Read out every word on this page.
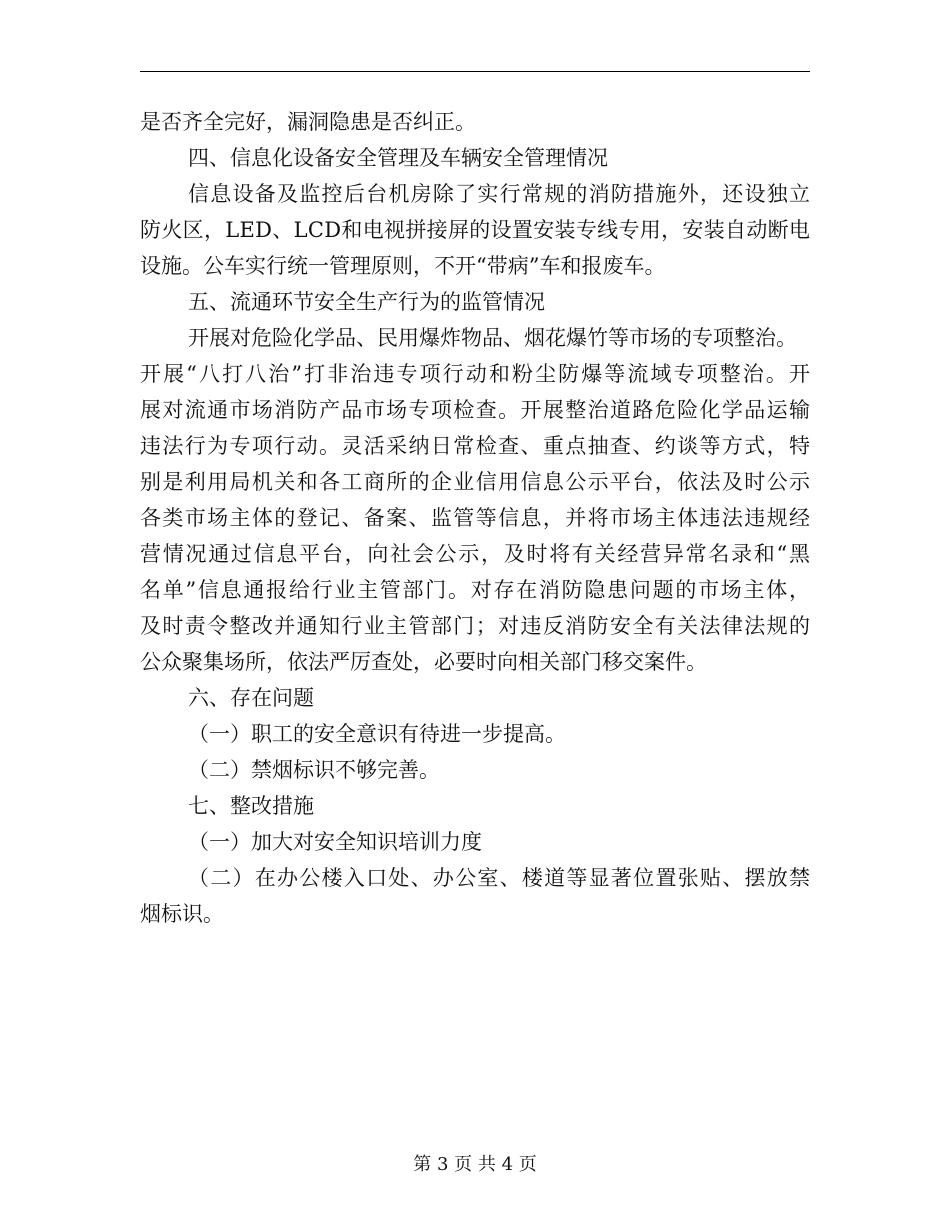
是否齐全完好，漏洞隐患是否纠正。
四、信息化设备安全管理及车辆安全管理情况
信息设备及监控后台机房除了实行常规的消防措施外，还设独立
防火区，LED、LCD和电视拼接屏的设置安装专线专用，安装自动断电
设施。公车实行统一管理原则，不开“带病”车和报废车。
五、流通环节安全生产行为的监管情况
开展对危险化学品、民用爆炸物品、烟花爆竹等市场的专项整治。
开展“八打八治”打非治违专项行动和粉尘防爆等流域专项整治。开
展对流通市场消防产品市场专项检查。开展整治道路危险化学品运输
违法行为专项行动。灵活采纳日常检查、重点抽查、约谈等方式，特
别是利用局机关和各工商所的企业信用信息公示平台，依法及时公示
各类市场主体的登记、备案、监管等信息，并将市场主体违法违规经
营情况通过信息平台，向社会公示，及时将有关经营异常名录和“黑
名单”信息通报给行业主管部门。对存在消防隐患问题的市场主体，
及时责令整改并通知行业主管部门；对违反消防安全有关法律法规的
公众聚集场所，依法严厉查处，必要时向相关部门移交案件。
六、存在问题
（一）职工的安全意识有待进一步提高。
（二）禁烟标识不够完善。
七、整改措施
（一）加大对安全知识培训力度
（二）在办公楼入口处、办公室、楼道等显著位置张贴、摆放禁
烟标识。
第 3 页 共 4 页
